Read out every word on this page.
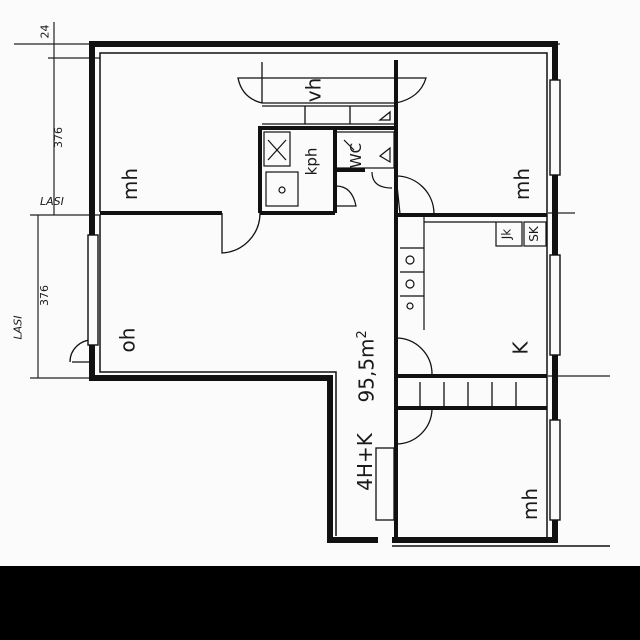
24
376
376
LASI
LASI
mh
kph WC
vh
mh
oh	K
mh
Jk SK
4H+K
$95,5m^2$
